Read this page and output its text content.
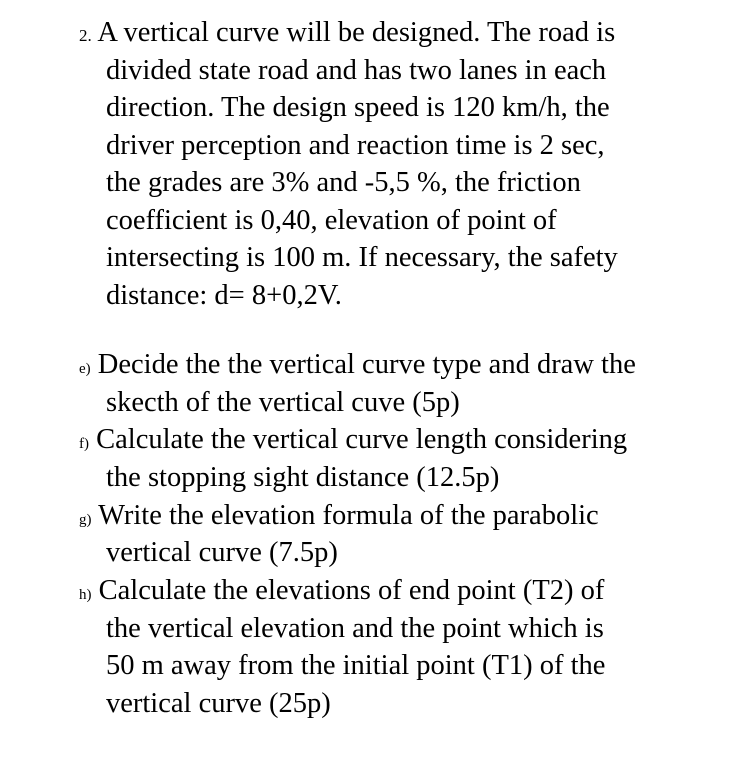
2. A vertical curve will be designed. The road is
divided state road and has two lanes in each
direction. The design speed is 120 km/h, the
driver perception and reaction time is 2 sec,
the grades are 3% and -5,5 %, the friction
coefficient is 0,40, elevation of point of
intersecting is 100 m. If necessary, the safety
distance: d= 8+0,2V.
e) Decide the the vertical curve type and draw the
skecth of the vertical cuve (5p)
f) Calculate the vertical curve length considering
the stopping sight distance (12.5p)
g) Write the elevation formula of the parabolic
vertical curve (7.5p)
h) Calculate the elevations of end point (T2) of
the vertical elevation and the point which is
50 m away from the initial point (T1) of the
vertical curve (25p)
